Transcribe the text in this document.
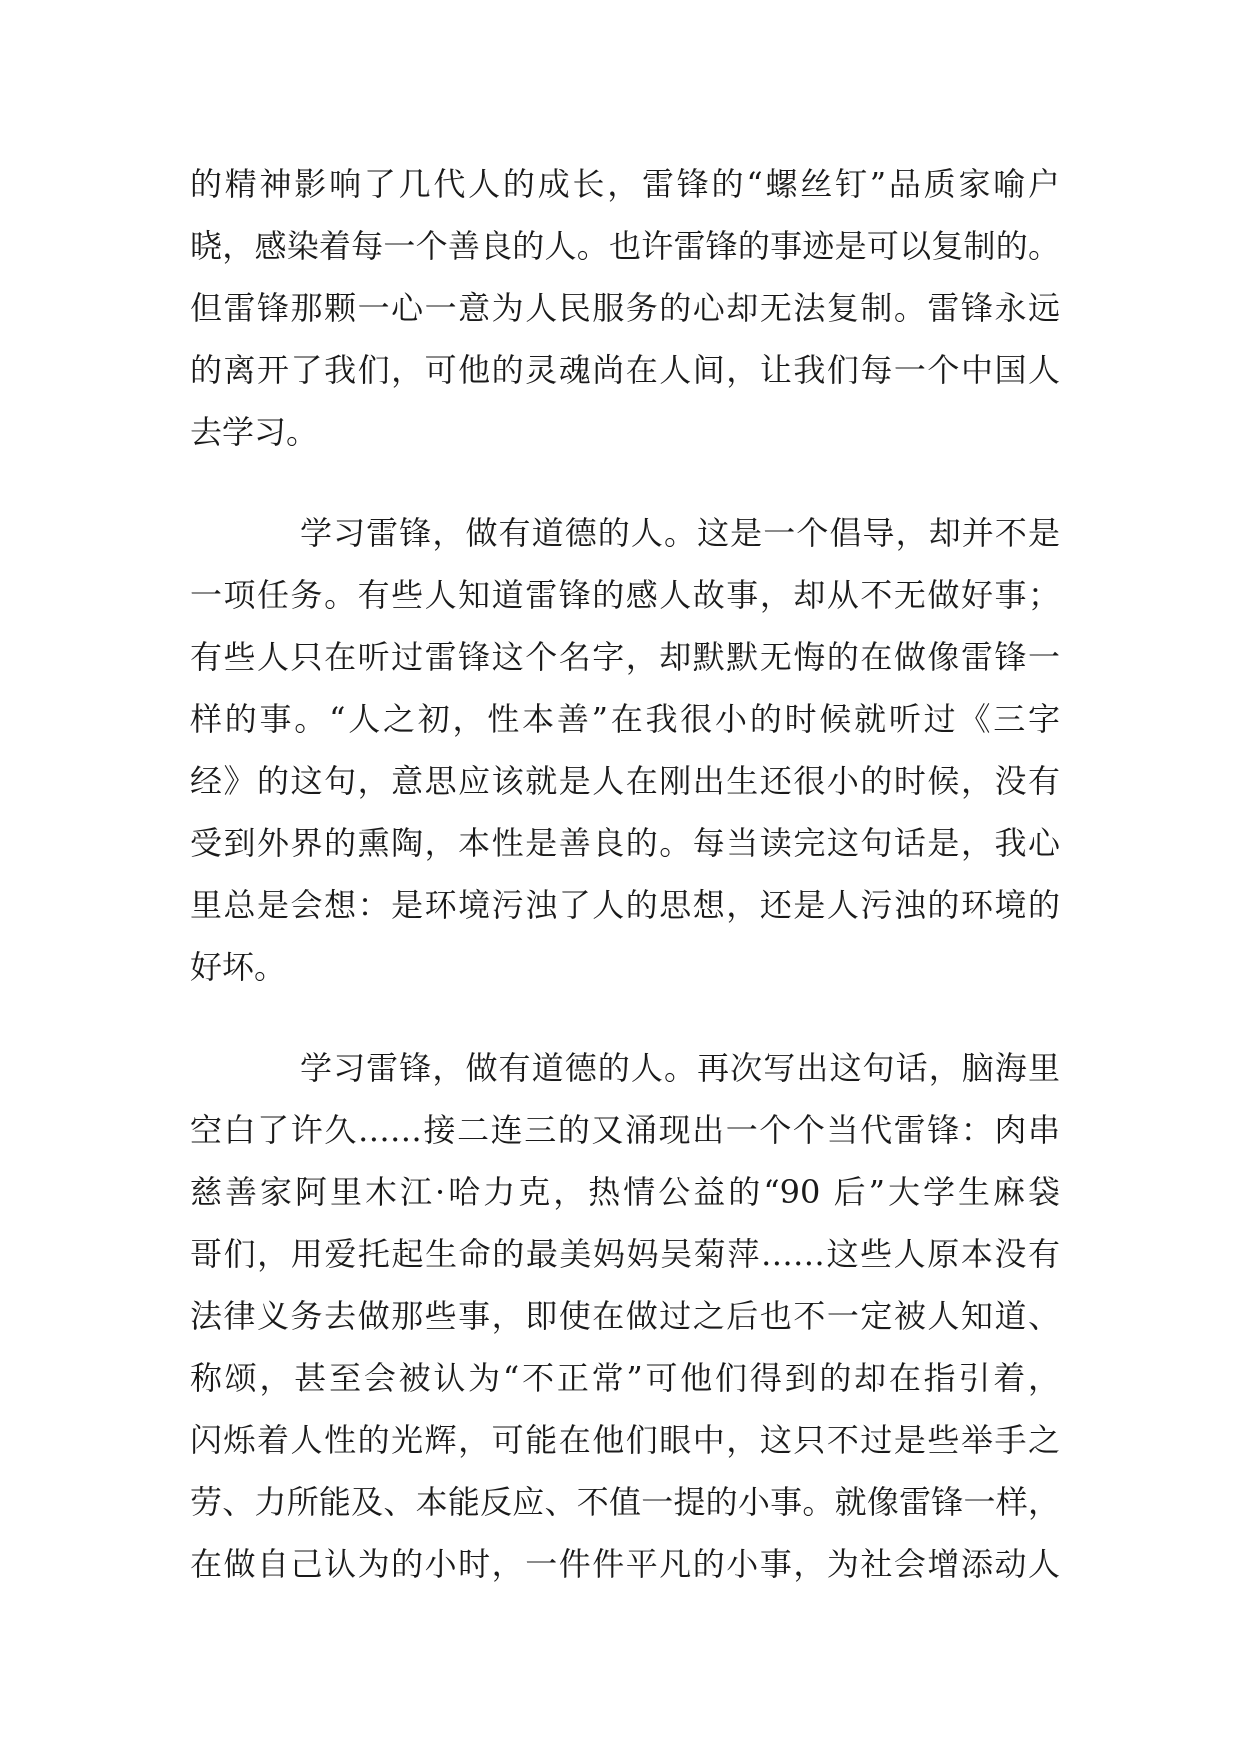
的精神影响了几代人的成长，雷锋的“螺丝钉”品质家喻户
晓，感染着每一个善良的人。也许雷锋的事迹是可以复制的。
但雷锋那颗一心一意为人民服务的心却无法复制。雷锋永远
的离开了我们，可他的灵魂尚在人间，让我们每一个中国人
去学习。
学习雷锋，做有道德的人。这是一个倡导，却并不是
一项任务。有些人知道雷锋的感人故事，却从不无做好事；
有些人只在听过雷锋这个名字，却默默无悔的在做像雷锋一
样的事。“人之初，性本善”在我很小的时候就听过《三字
经》的这句，意思应该就是人在刚出生还很小的时候，没有
受到外界的熏陶，本性是善良的。每当读完这句话是，我心
里总是会想：是环境污浊了人的思想，还是人污浊的环境的
好坏。
学习雷锋，做有道德的人。再次写出这句话，脑海里
空白了许久……接二连三的又涌现出一个个当代雷锋：肉串
慈善家阿里木江·哈力克，热情公益的“90 后”大学生麻袋
哥们，用爱托起生命的最美妈妈吴菊萍……这些人原本没有
法律义务去做那些事，即使在做过之后也不一定被人知道、
称颂，甚至会被认为“不正常”可他们得到的却在指引着，
闪烁着人性的光辉，可能在他们眼中，这只不过是些举手之
劳、力所能及、本能反应、不值一提的小事。就像雷锋一样，
在做自己认为的小时，一件件平凡的小事，为社会增添动人
